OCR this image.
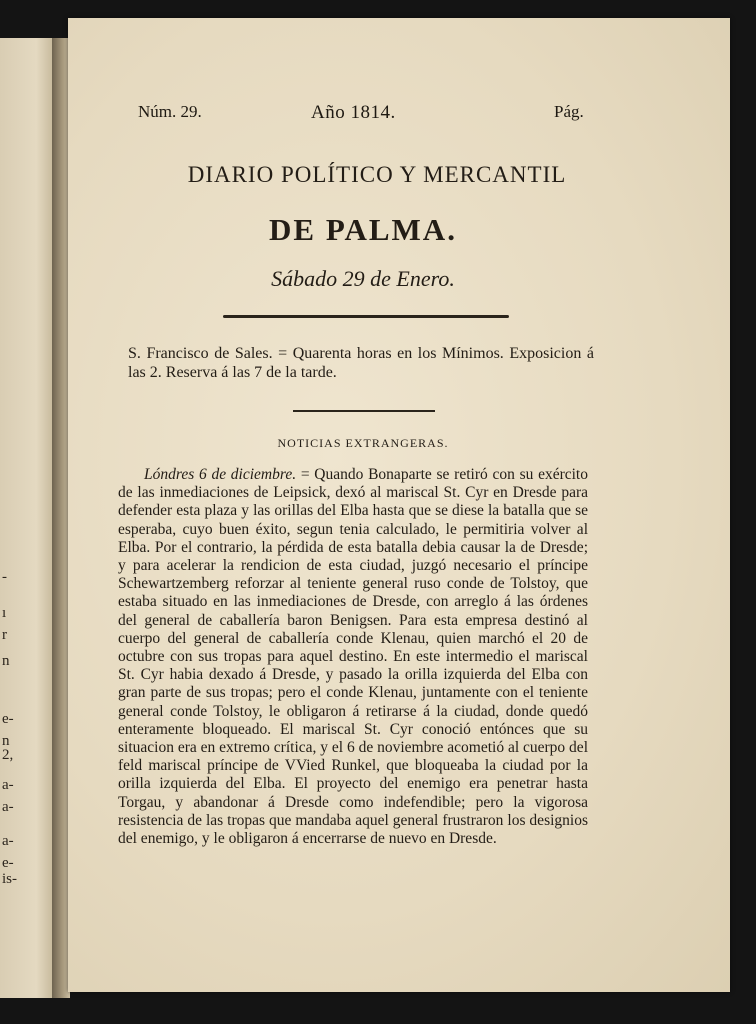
-
ı
r
n
e-
n
2,
a-
a-
a-
e-
is-
Núm. 29.	Año 1814.	Pág.
DIARIO POLÍTICO Y MERCANTIL
DE PALMA.
Sábado 29 de Enero.
S. Francisco de Sales. = Quarenta horas en los Mínimos. Exposicion á las 2. Reserva á las 7 de la tarde.
NOTICIAS EXTRANGERAS.
Lóndres 6 de diciembre. = Quando Bonaparte se retiró con su exército de las inmediaciones de Leipsick, dexó al mariscal St. Cyr en Dresde para defender esta plaza y las orillas del Elba hasta que se diese la batalla que se esperaba, cuyo buen éxito, segun tenia calculado, le permitiria volver al Elba. Por el contrario, la pérdida de esta batalla debia causar la de Dresde; y para acelerar la rendicion de esta ciudad, juzgó necesario el príncipe Schewartzemberg reforzar al teniente general ruso conde de Tolstoy, que estaba situado en las inmediaciones de Dresde, con arreglo á las órdenes del general de caballería baron Benigsen. Para esta empresa destinó al cuerpo del general de caballería conde Klenau, quien marchó el 20 de octubre con sus tropas para aquel destino. En este intermedio el mariscal St. Cyr habia dexado á Dresde, y pasado la orilla izquierda del Elba con gran parte de sus tropas; pero el conde Klenau, juntamente con el teniente general conde Tolstoy, le obligaron á retirarse á la ciudad, donde quedó enteramente bloqueado. El mariscal St. Cyr conoció entónces que su situacion era en extremo crítica, y el 6 de noviembre acometió al cuerpo del feld mariscal príncipe de VVied Runkel, que bloqueaba la ciudad por la orilla izquierda del Elba. El proyecto del enemigo era penetrar hasta Torgau, y abandonar á Dresde como indefendible; pero la vigorosa resistencia de las tropas que mandaba aquel general frustraron los designios del enemigo, y le obligaron á encerrarse de nuevo en Dresde.
